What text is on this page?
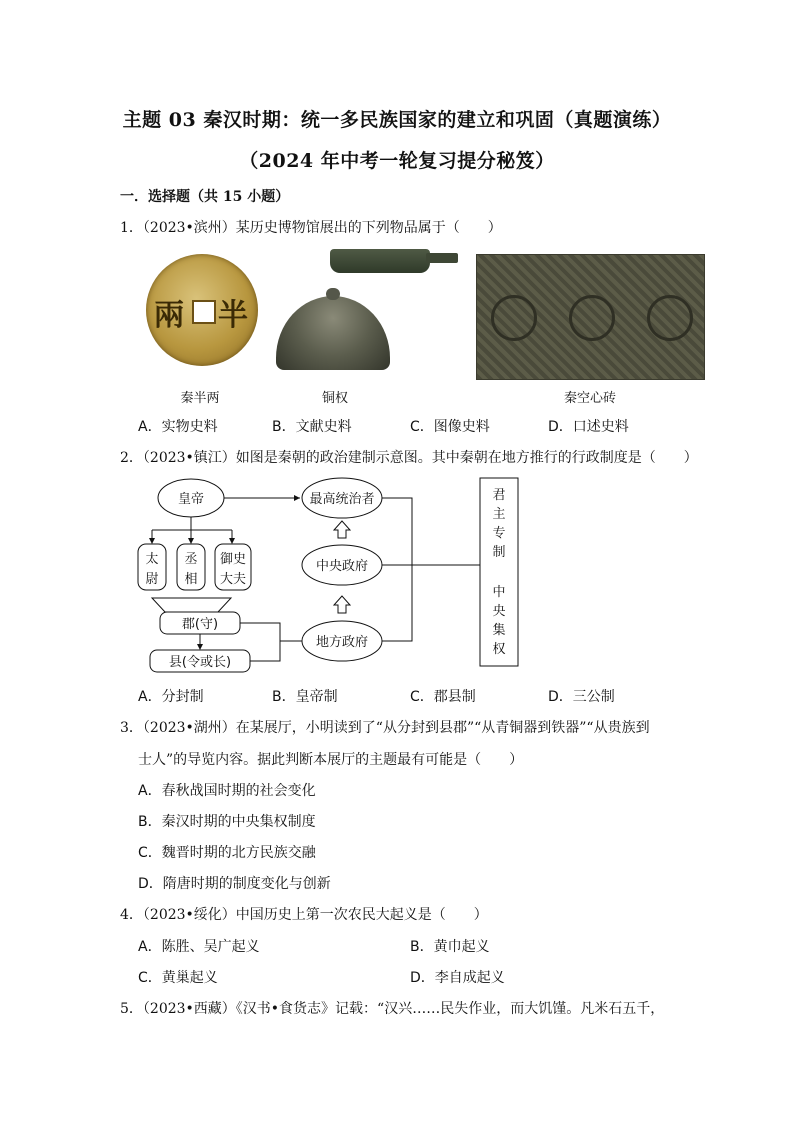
主题 03 秦汉时期：统一多民族国家的建立和巩固（真题演练）
（2024 年中考一轮复习提分秘笈）
一．选择题（共 15 小题）
1．（2023•滨州）某历史博物馆展出的下列物品属于（　　）
兩 半
秦半两	铜权	秦空心砖
A．实物史料	B．文献史料	C．图像史料	D．口述史料
2．（2023•镇江）如图是秦朝的政治建制示意图。其中秦朝在地方推行的行政制度是（　　）
皇帝
太
尉
丞
相
御史
大夫
郡(守)
县(令或长)
最高统治者
中央政府
地方政府
君
主
专
制
中
央
集
权
A．分封制	B．皇帝制	C．郡县制	D．三公制
3．（2023•湖州）在某展厅，小明读到了“从分封到县郡”“从青铜器到铁器”“从贵族到
士人”的导览内容。据此判断本展厅的主题最有可能是（　　）
A．春秋战国时期的社会变化
B．秦汉时期的中央集权制度
C．魏晋时期的北方民族交融
D．隋唐时期的制度变化与创新
4．（2023•绥化）中国历史上第一次农民大起义是（　　）
A．陈胜、吴广起义	B．黄巾起义
C．黄巢起义	D．李自成起义
5．（2023•西藏）《汉书•食货志》记载：“汉兴……民失作业，而大饥馑。凡米石五千，
